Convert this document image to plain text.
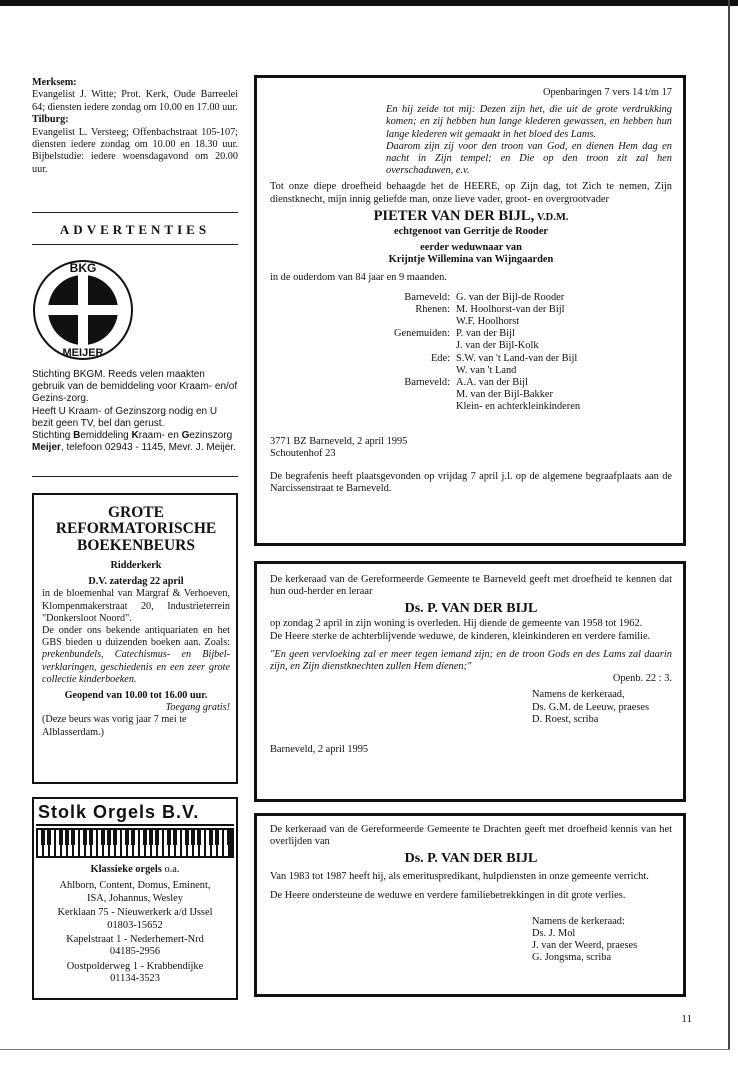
Merksem:
Evangelist J. Witte; Prot. Kerk, Oude Barreelei 64; diensten iedere zondag om 10.00 en 17.00 uur.
Tilburg:
Evangelist L. Versteeg; Offenbachstraat 105-107; diensten iedere zondag om 10.00 en 18.30 uur. Bijbelstudie: iedere woensdagavond om 20.00 uur.
ADVERTENTIES
BKG
MEIJER
Stichting BKGM. Reeds velen maakten gebruik van de bemiddeling voor Kraam- en/of Gezins-zorg.
Heeft U Kraam- of Gezinszorg nodig en U bezit geen TV, bel dan gerust.
Stichting Bemiddeling Kraam- en Gezinszorg Meijer, telefoon 02943 - 1145, Mevr. J. Meijer.
GROTE
REFORMATORISCHE
BOEKENBEURS
Ridderkerk
D.V. zaterdag 22 april
in de bloemenhal van Margraf & Verhoeven, Klompenmakerstraat 20, Industrieterrein "Donkersloot Noord".
De onder ons bekende antiquariaten en het GBS bieden u duizenden boeken aan. Zoals: prekenbundels, Catechismus- en Bijbel-verklaringen, geschiedenis en een zeer grote collectie kinderboeken.
Geopend van 10.00 tot 16.00 uur.
Toegang gratis!
(Deze beurs was vorig jaar 7 mei te Alblasserdam.)
Stolk Orgels B.V.
Klassieke orgels o.a.
Ahlborn, Content, Domus, Eminent, ISA, Johannus, Wesley
Kerklaan 75 - Nieuwerkerk a/d IJssel
01803-15652
Kapelstraat 1 - Nederhemert-Nrd
04185-2956
Oostpolderweg 1 - Krabbendijke
01134-3523
Openbaringen 7 vers 14 t/m 17
En hij zeide tot mij: Dezen zijn het, die uit de grote verdrukking komen; en zij hebben hun lange klederen gewassen, en hebben hun lange klederen wit gemaakt in het bloed des Lams.
Daarom zijn zij voor den troon van God, en dienen Hem dag en nacht in Zijn tempel; en Die op den troon zit zal hen overschaduwen, e.v.
Tot onze diepe droefheid behaagde het de HEERE, op Zijn dag, tot Zich te nemen, Zijn dienstknecht, mijn innig geliefde man, onze lieve vader, groot- en overgrootvader
PIETER VAN DER BIJL, V.D.M.
echtgenoot van Gerritje de Rooder
eerder weduwnaar van
Krijntje Willemina van Wijngaarden
in de ouderdom van 84 jaar en 9 maanden.
Barneveld: G. van der Bijl-de Rooder
Rhenen: M. Hoolhorst-van der Bijl
W.F. Hoolhorst
Genemuiden: P. van der Bijl
J. van der Bijl-Kolk
Ede: S.W. van 't Land-van der Bijl
W. van 't Land
Barneveld: A.A. van der Bijl
M. van der Bijl-Bakker
Klein- en achterkleinkinderen
3771 BZ Barneveld, 2 april 1995
Schoutenhof 23
De begrafenis heeft plaatsgevonden op vrijdag 7 april j.l. op de algemene begraafplaats aan de Narcissenstraat te Barneveld.
De kerkeraad van de Gereformeerde Gemeente te Barneveld geeft met droefheid te kennen dat hun oud-herder en leraar
Ds. P. VAN DER BIJL
op zondag 2 april in zijn woning is overleden. Hij diende de gemeente van 1958 tot 1962.
De Heere sterke de achterblijvende weduwe, de kinderen, kleinkinderen en verdere familie.
"En geen vervloeking zal er meer tegen iemand zijn; en de troon Gods en des Lams zal daarin zijn, en Zijn dienstknechten zullen Hem dienen;"
Openb. 22 : 3.
Namens de kerkeraad,
Ds. G.M. de Leeuw, praeses
D. Roest, scriba
Barneveld, 2 april 1995
De kerkeraad van de Gereformeerde Gemeente te Drachten geeft met droefheid kennis van het overlijden van
Ds. P. VAN DER BIJL
Van 1983 tot 1987 heeft hij, als emerituspredikant, hulpdiensten in onze gemeente verricht.
De Heere ondersteune de weduwe en verdere familiebetrekkingen in dit grote verlies.
Namens de kerkeraad:
Ds. J. Mol
J. van der Weerd, praeses
G. Jongsma, scriba
11
